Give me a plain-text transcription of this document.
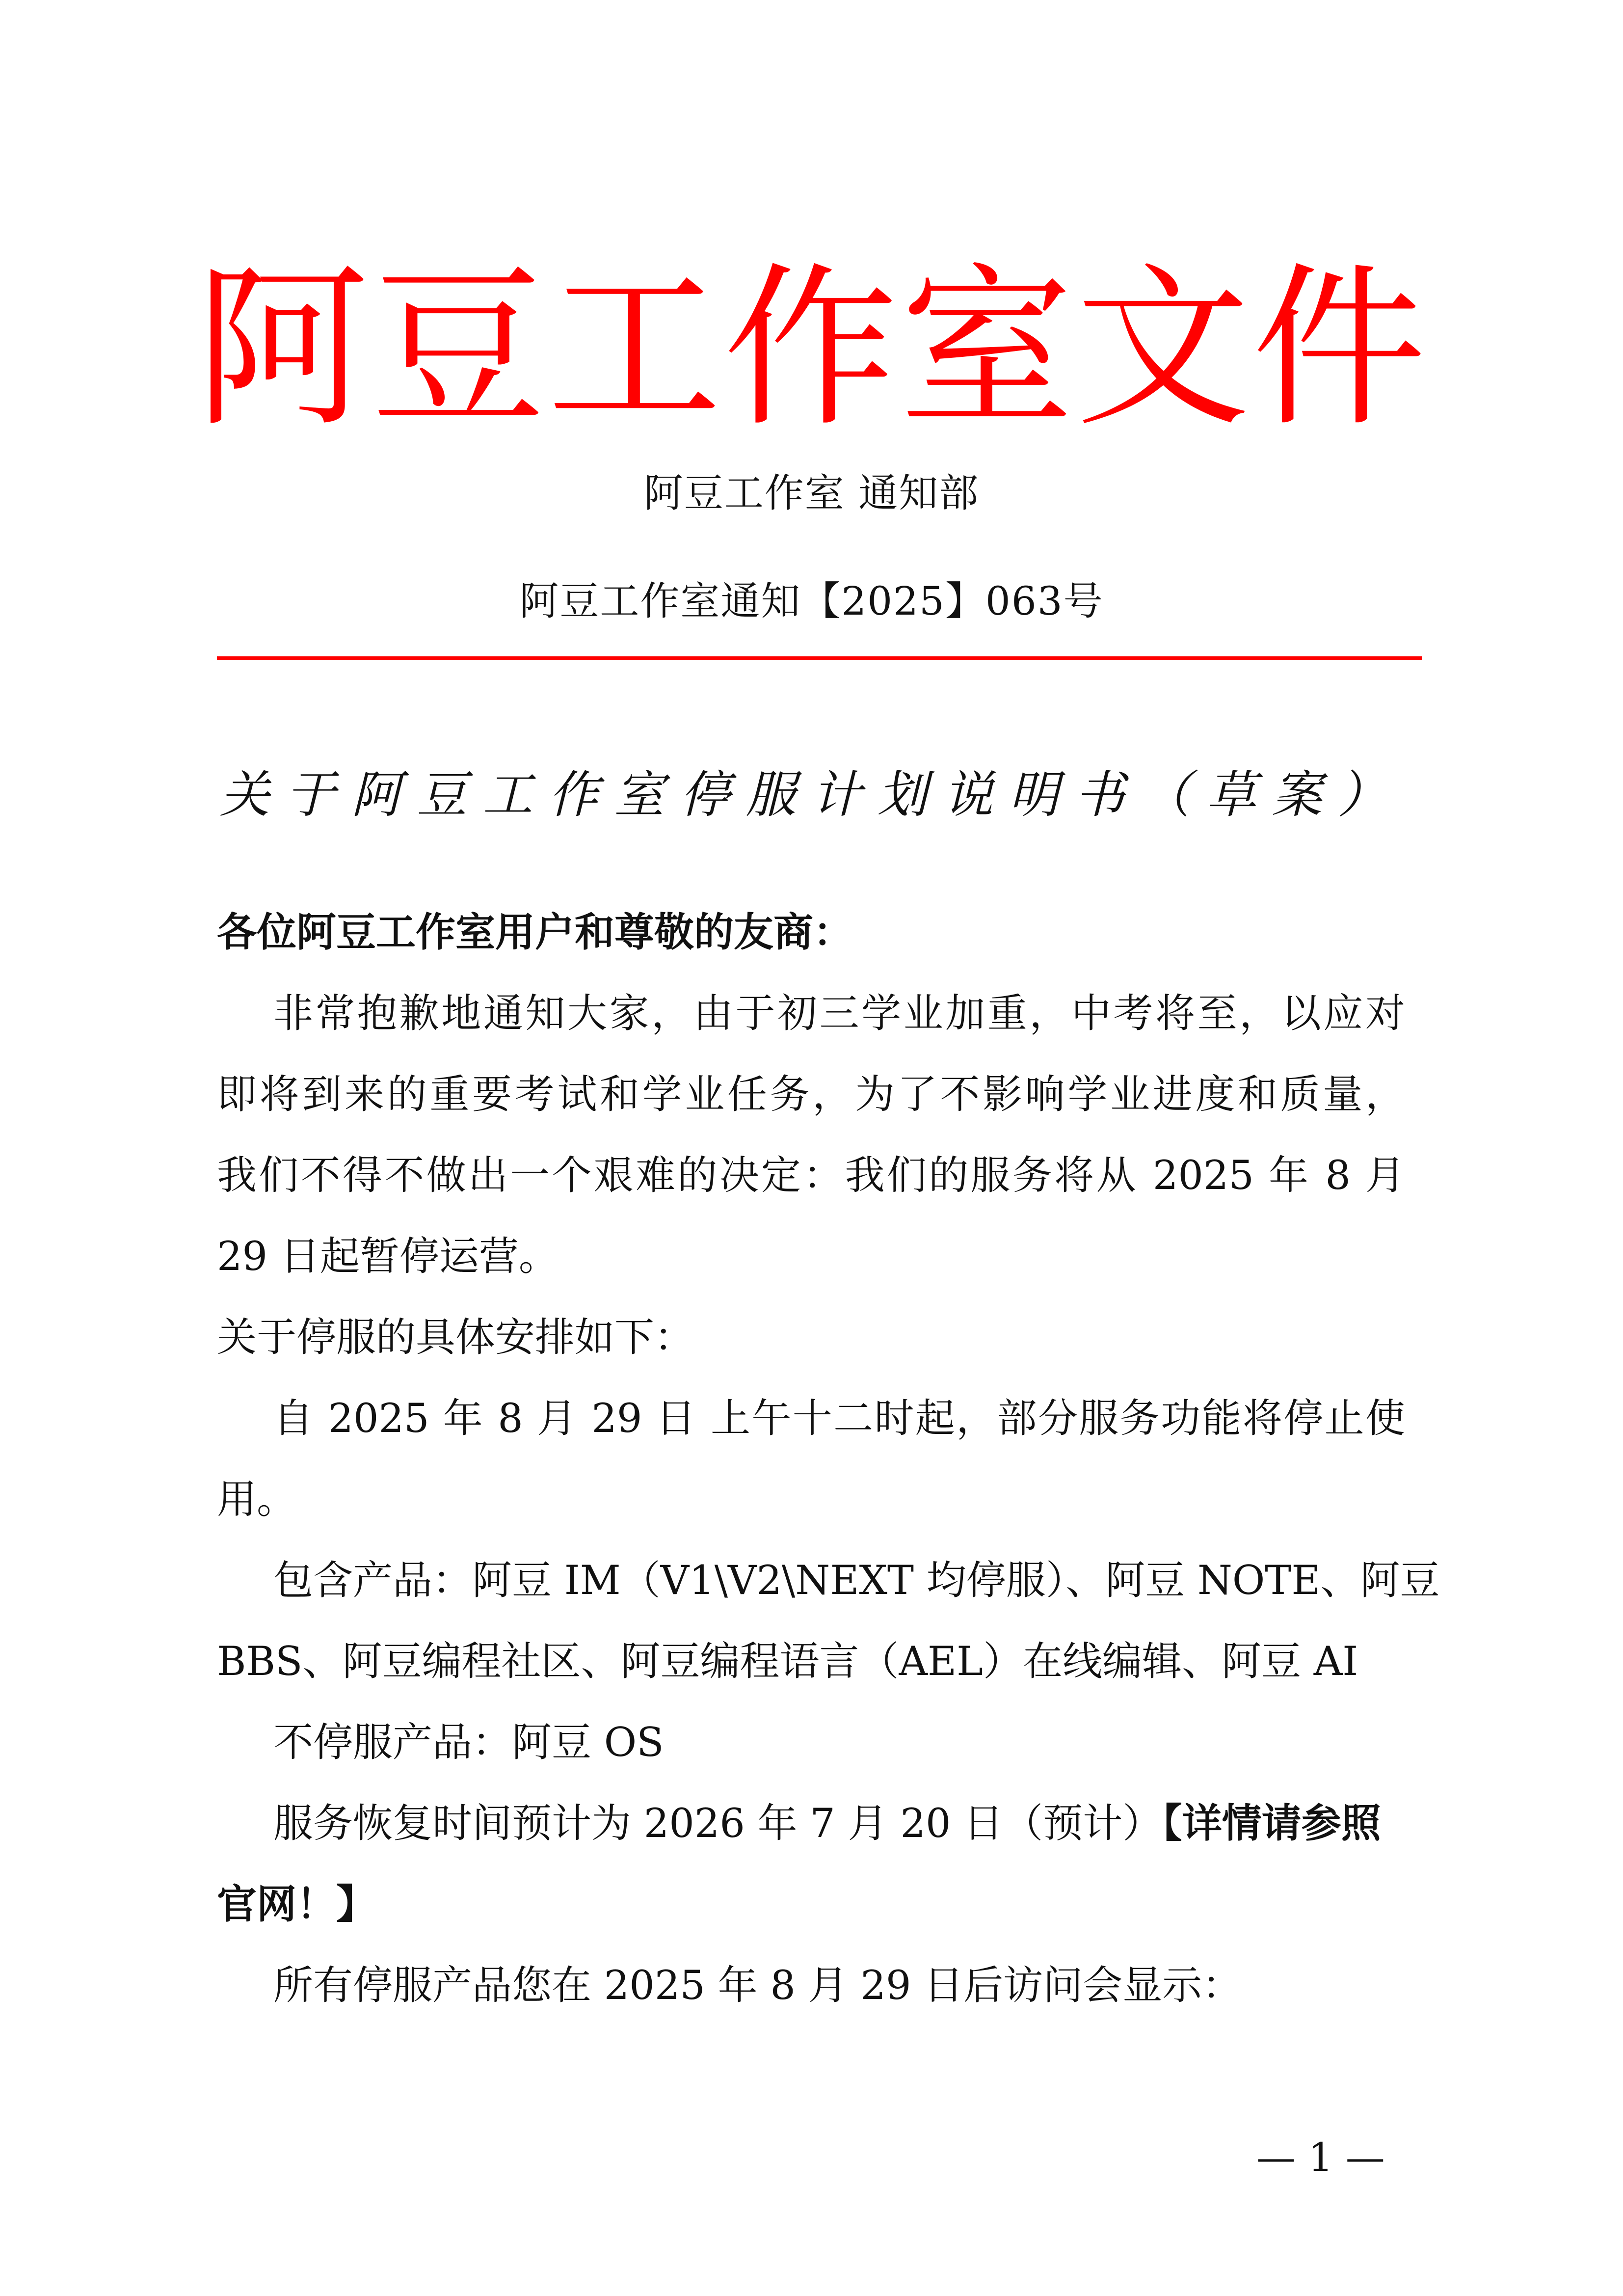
阿豆工作室文件
阿豆工作室 通知部
阿豆工作室通知【2025】063号
关于阿豆工作室停服计划说明书（草案）
各位阿豆工作室用户和尊敬的友商：
非常抱歉地通知大家，由于初三学业加重，中考将至，以应对
即将到来的重要考试和学业任务，为了不影响学业进度和质量，
我们不得不做出一个艰难的决定：我们的服务将从 2025 年 8 月
29 日起暂停运营。
关于停服的具体安排如下：
自 2025 年 8 月 29 日 上午十二时起，部分服务功能将停止使
用。
包含产品：阿豆 IM（V1\V2\NEXT 均停服）、阿豆 NOTE、阿豆
BBS、阿豆编程社区、阿豆编程语言（AEL）在线编辑、阿豆 AI
不停服产品：阿豆 OS
服务恢复时间预计为 2026 年 7 月 20 日（预计）【详情请参照
官网！】
所有停服产品您在 2025 年 8 月 29 日后访问会显示：
— 1 —
